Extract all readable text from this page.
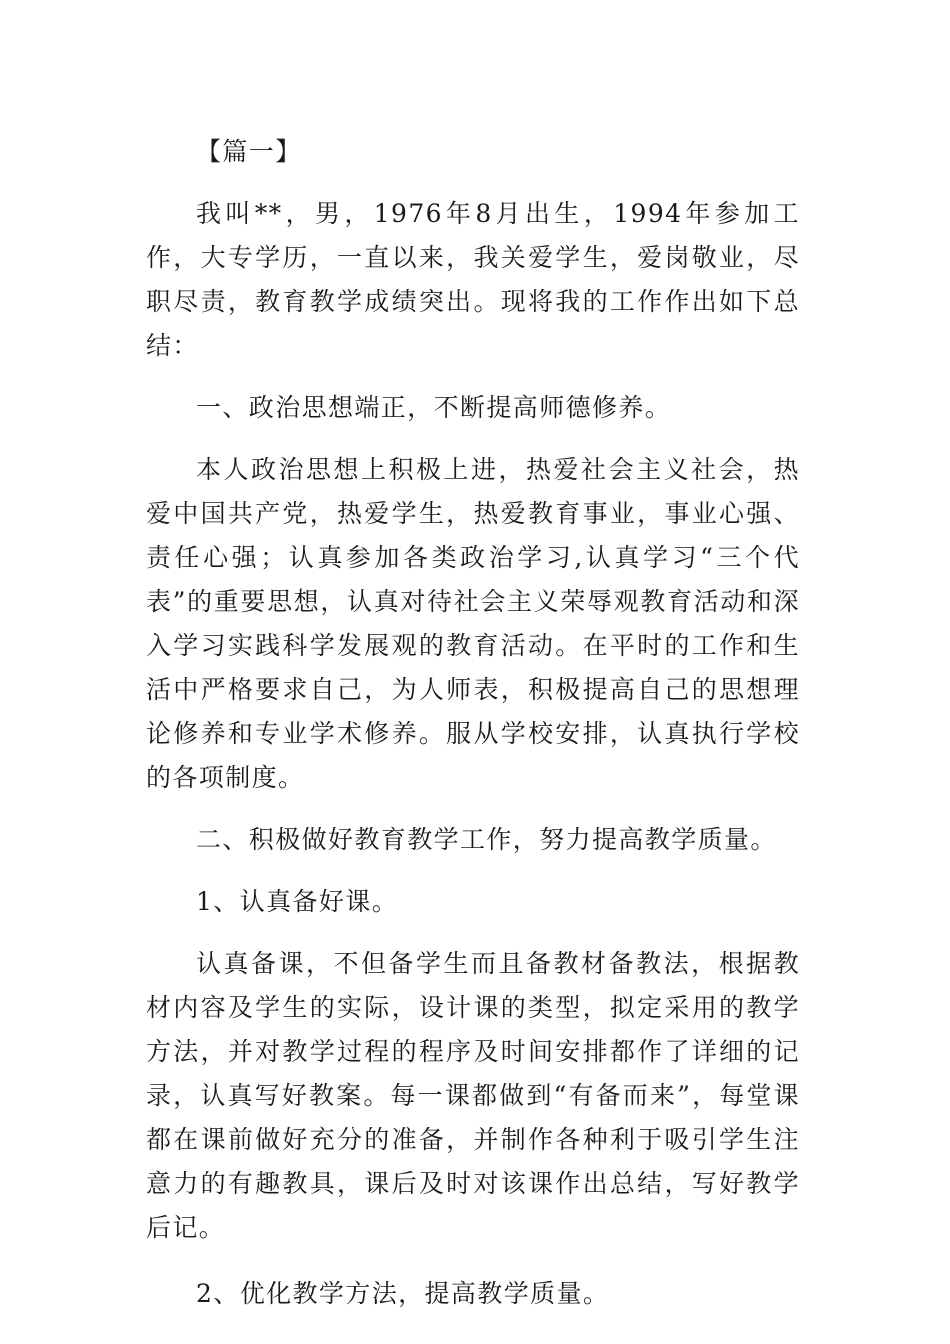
【篇一】

我叫**，男，1976年8月出生，1994年参加工作，大专学历，一直以来，我关爱学生，爱岗敬业，尽职尽责，教育教学成绩突出。现将我的工作作出如下总结：

一、政治思想端正，不断提高师德修养。

本人政治思想上积极上进，热爱社会主义社会，热爱中国共产党，热爱学生，热爱教育事业，事业心强、责任心强；认真参加各类政治学习,认真学习“三个代表”的重要思想，认真对待社会主义荣辱观教育活动和深入学习实践科学发展观的教育活动。在平时的工作和生活中严格要求自己，为人师表，积极提高自己的思想理论修养和专业学术修养。服从学校安排，认真执行学校的各项制度。

二、积极做好教育教学工作，努力提高教学质量。

1、认真备好课。

认真备课，不但备学生而且备教材备教法，根据教材内容及学生的实际，设计课的类型，拟定采用的教学方法，并对教学过程的程序及时间安排都作了详细的记录，认真写好教案。每一课都做到“有备而来”，每堂课都在课前做好充分的准备，并制作各种利于吸引学生注意力的有趣教具，课后及时对该课作出总结，写好教学后记。

2、优化教学方法，提高教学质量。
